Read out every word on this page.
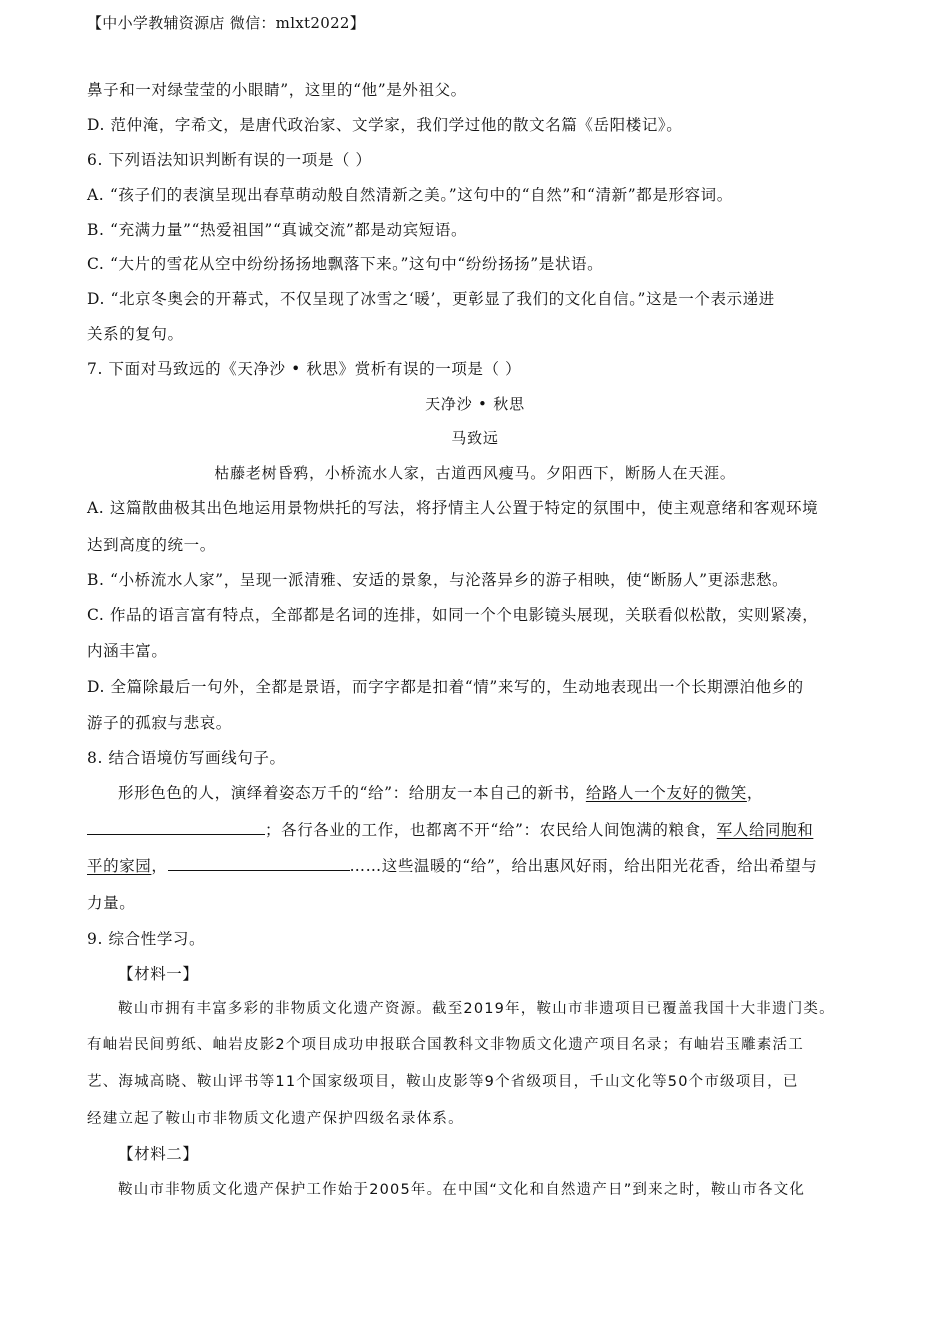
【中小学教辅资源店 微信：mlxt2022】
鼻子和一对绿莹莹的小眼睛”，这里的“他”是外祖父。
D. 范仲淹，字希文，是唐代政治家、文学家，我们学过他的散文名篇《岳阳楼记》。
6. 下列语法知识判断有误的一项是（ ）
A. “孩子们的表演呈现出春草萌动般自然清新之美。”这句中的“自然”和“清新”都是形容词。
B. “充满力量”“热爱祖国”“真诚交流”都是动宾短语。
C. “大片的雪花从空中纷纷扬扬地飘落下来。”这句中“纷纷扬扬”是状语。
D. “北京冬奥会的开幕式，不仅呈现了冰雪之‘暖’，更彰显了我们的文化自信。”这是一个表示递进
关系的复句。
7. 下面对马致远的《天净沙 • 秋思》赏析有误的一项是（ ）
天净沙 • 秋思
马致远
枯藤老树昏鸦，小桥流水人家，古道西风瘦马。夕阳西下，断肠人在天涯。
A. 这篇散曲极其出色地运用景物烘托的写法，将抒情主人公置于特定的氛围中，使主观意绪和客观环境
达到高度的统一。
B. “小桥流水人家”，呈现一派清雅、安适的景象，与沦落异乡的游子相映，使“断肠人”更添悲愁。
C. 作品的语言富有特点，全部都是名词的连排，如同一个个电影镜头展现，关联看似松散，实则紧凑，
内涵丰富。
D. 全篇除最后一句外，全都是景语，而字字都是扣着“情”来写的，生动地表现出一个长期漂泊他乡的
游子的孤寂与悲哀。
8. 结合语境仿写画线句子。
形形色色的人，演绎着姿态万千的“给”：给朋友一本自己的新书，给路人一个友好的微笑，
；各行各业的工作，也都离不开“给”：农民给人间饱满的粮食，军人给同胞和
平的家园，	……这些温暖的“给”，给出惠风好雨，给出阳光花香，给出希望与
力量。
9. 综合性学习。
【材料一】
鞍山市拥有丰富多彩的非物质文化遗产资源。截至2019年，鞍山市非遗项目已覆盖我国十大非遗门类。
有岫岩民间剪纸、岫岩皮影2个项目成功申报联合国教科文非物质文化遗产项目名录；有岫岩玉雕素活工
艺、海城高晓、鞍山评书等11个国家级项目，鞍山皮影等9个省级项目，千山文化等50个市级项目，已
经建立起了鞍山市非物质文化遗产保护四级名录体系。
【材料二】
鞍山市非物质文化遗产保护工作始于2005年。在中国“文化和自然遗产日”到来之时，鞍山市各文化
